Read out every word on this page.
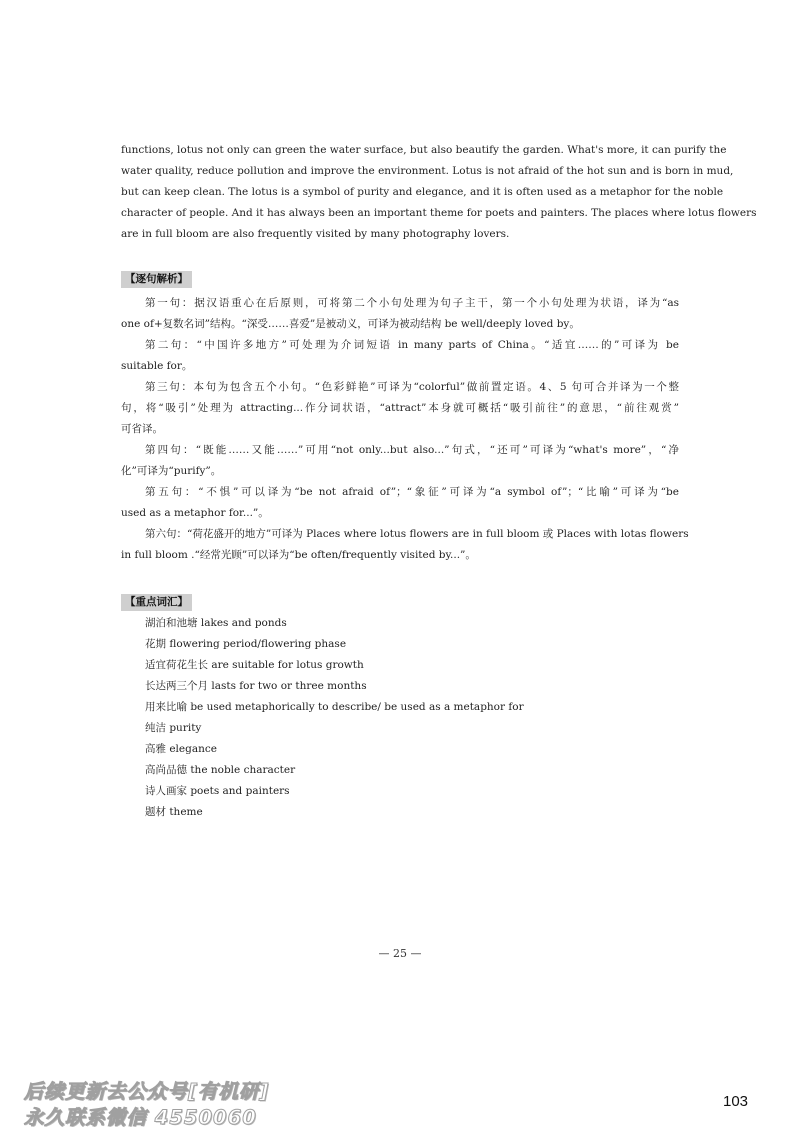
functions, lotus not only can green the water surface, but also beautify the garden. What's more, it can purify the
water quality, reduce pollution and improve the environment. Lotus is not afraid of the hot sun and is born in mud,
but can keep clean. The lotus is a symbol of purity and elegance, and it is often used as a metaphor for the noble
character of people. And it has always been an important theme for poets and painters. The places where lotus flowers
are in full bloom are also frequently visited by many photography lovers.
【逐句解析】
第一句：据汉语重心在后原则，可将第二个小句处理为句子主干，第一个小句处理为状语，译为“as
one of+复数名词”结构。“深受……喜爱”是被动义，可译为被动结构 be well/deeply loved by。
第二句：“中国许多地方”可处理为介词短语 in many parts of China。“适宜……的”可译为 be
suitable for。
第三句：本句为包含五个小句。“色彩鲜艳”可译为“colorful”做前置定语。4、5 句可合并译为一个整
句，将“吸引”处理为 attracting...作分词状语，“attract”本身就可概括“吸引前往”的意思，“前往观赏”
可省译。
第四句：“既能……又能……”可用“not only...but also...”句式，“还可”可译为“what's more”，“净
化”可译为“purify”。
第五句：“不惧”可以译为“be not afraid of”；“象征”可译为“a symbol of”；“比喻”可译为“be
used as a metaphor for...”。
第六句：“荷花盛开的地方”可译为 Places where lotus flowers are in full bloom 或 Places with lotas flowers
in full bloom .“经常光顾”可以译为“be often/frequently visited by...”。
【重点词汇】
湖泊和池塘 lakes and ponds
花期 flowering period/flowering phase
适宜荷花生长 are suitable for lotus growth
长达两三个月 lasts for two or three months
用来比喻 be used metaphorically to describe/ be used as a metaphor for
纯洁 purity
高雅 elegance
高尚品德 the noble character
诗人画家 poets and painters
题材 theme
— 25 —
103
后续更新去公众号[有机研]
永久联系微信 4550060
